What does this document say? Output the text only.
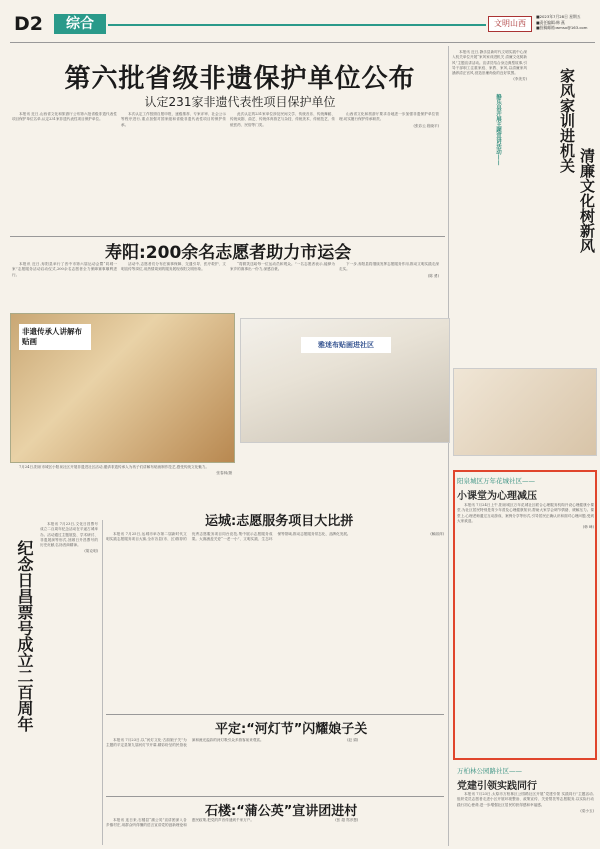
D2	综合	文明山西
■2023年7月28日 星期五
■责任编辑:韩 燕
■投稿邮箱:wmsx@163.com
第六批省级非遗保护单位公布
认定231家非遗代表性项目保护单位

本报讯 近日,山西省文化和旅游厅公布第六批省级非遗代表性项目保护单位名单,认定231家非遗代表性项目保护单位。

本次认定工作按照自愿申报、逐级推荐、专家评审、社会公示等程序进行,重点加强对国家级和省级非遗代表性项目的保护传承。

此次认定的231家单位涉及民间文学、传统音乐、传统舞蹈、传统戏剧、曲艺、传统体育游艺与杂技、传统美术、传统技艺、传统医药、民俗等门类。

山西省文化和旅游厅要求各地进一步加强非遗保护单位管理,切实履行保护传承职责。

(张彩云 段晓平)	静乐县开展主题宣讲活动——

本报讯 近日,静乐县新时代文明实践中心深入机关单位开展“家风家训进机关 清廉文化树新风”主题宣讲活动。宣讲员结合身边典型故事,引导干部职工注重家庭、家教、家风,以清廉家风涵养清正官风,营造崇廉尚俭的良好氛围。

(李美芳) 家风家训进机关
清廉文化树新风
寿阳:200余名志愿者助力市运会

本报讯 近日,寿阳县举行了晋中市第六届运动会暨“同城一家”志愿服务活动启动仪式,200余名志愿者全力保障赛事顺利进行。

活动中,志愿者们分布在赛事保障、交通引导、医疗救护、文明宣传等岗位,用热情周到的服务展现寿阳文明形象。

“将微笑送给每一位运动员和观众。”一名志愿者表示,能够为家乡的赛事出一份力,深感自豪。

下一步,寿阳县将继续发挥志愿服务作用,推动文明实践走深走实。

(陈 勇)

非遗传承人讲解布贴画

7月24日,阳泉市城区小阳泉社区开展非遗进社区活动,邀请非遗传承人为孩子们讲解布贴画制作技艺,感受传统文化魅力。

张春林/摄

雅迷布贴画进社区
纪念日昌票号成立二百周年

本报讯 7月23日,文化日昌票号成立二百周年纪念活动在平遥古城举办。活动通过主题展览、学术研讨、非遗展演等形式,回顾日升昌票号的历史贡献,弘扬晋商精神。

(胡克明)

运城:志愿服务项目大比拼

本报讯 7月25日,运城市举办第二届新时代文明实践志愿服务项目大赛,全市各县(市、区)推荐的优秀志愿服务项目同台竞技,集中展示志愿服务成果。大赛涵盖关爱“一老一小”、文明实践、生态环保等领域,推动志愿服务常态化、品牌化发展。	(解丽萍)

平定:“河灯节”闪耀娘子关

本报讯 7月23日,以“河灯文化·古韵娘子关”为主题的平定县第九届河灯节开幕,精彩纷呈的民俗表演和流光溢彩的河灯吸引众多游客前来观赏。	(赵 娟)

石楼:“蒲公英”宣讲团进村

本报讯 连日来,石楼县“蒲公英”宣讲团深入各乡镇村庄,用群众听得懂的语言宣讲党的创新理论和惠民政策,把党的声音传递到千家万户。	(张 超 郑彦慧)

阳泉城区万年花城社区——
小课堂为心理减压

本报讯 7月24日上午,阳泉城区万年花城社区联合心理服务机构开设心理健康小课堂,为社区居民特别是青少年普及心理健康知识,帮助大家学会调节情绪、缓解压力。课堂上,心理老师通过互动游戏、案例分享等形式,引导居民正确认识和面对心理问题,受到大家欢迎。

(韩 峰)

万柏林公园路社区——
党建引领实践同行

本报讯 7月23日,太原市万柏林区公园路社区开展“党建引领 实践同行”主题活动,组织党员志愿者走进小区开展环境整治、政策宣传、关爱帮扶等志愿服务,以实际行动践行初心使命,进一步增强社区居民的获得感和幸福感。

(梁小玉)
